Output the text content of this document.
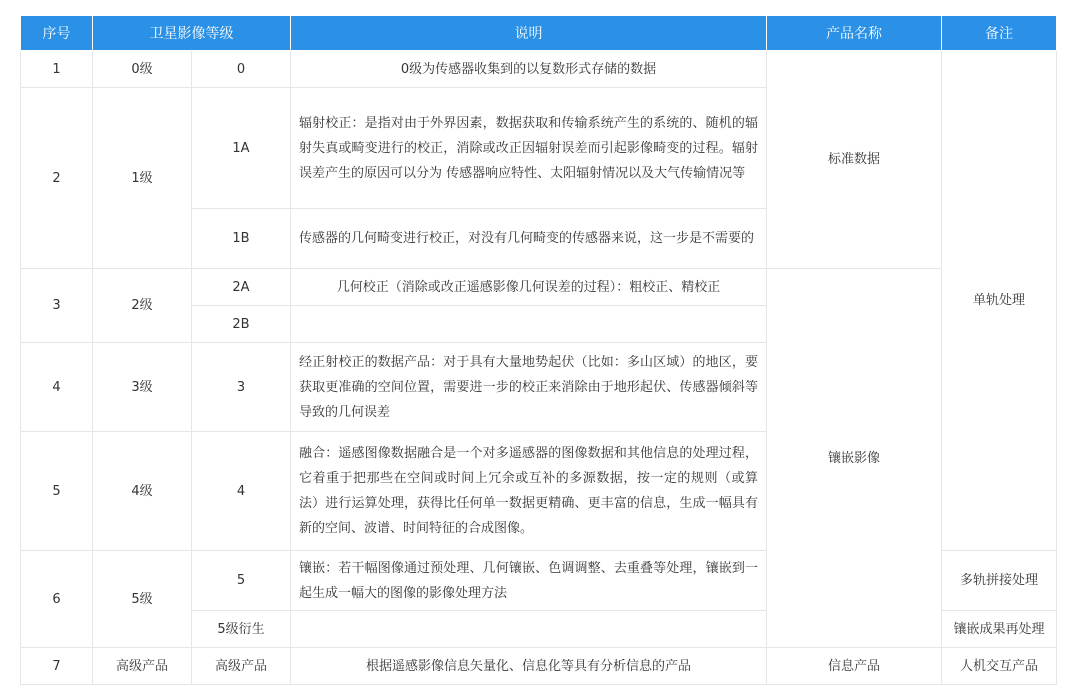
序号	卫星影像等级		说明	产品名称	备注
1	0级	0	0级为传感器收集到的以复数形式存储的数据	标准数据	单轨处理
2	1级	1A	辐射校正：是指对由于外界因素，数据获取和传输系统产生的系统的、随机的辐射失真或畸变进行的校正，消除或改正因辐射误差而引起影像畸变的过程。辐射误差产生的原因可以分为 传感器响应特性、太阳辐射情况以及大气传输情况等		
		1B	传感器的几何畸变进行校正，对没有几何畸变的传感器来说，这一步是不需要的		
3	2级	2A	几何校正（消除或改正遥感影像几何误差的过程）：粗校正、精校正	镶嵌影像	
		2B			
4	3级	3	经正射校正的数据产品：对于具有大量地势起伏（比如：多山区域）的地区，要获取更准确的空间位置，需要进一步的校正来消除由于地形起伏、传感器倾斜等导致的几何误差		
5	4级	4	融合：遥感图像数据融合是一个对多遥感器的图像数据和其他信息的处理过程，它着重于把那些在空间或时间上冗余或互补的多源数据，按一定的规则（或算法）进行运算处理，获得比任何单一数据更精确、更丰富的信息，生成一幅具有新的空间、波谱、时间特征的合成图像。		
6	5级	5	镶嵌：若干幅图像通过预处理、几何镶嵌、色调调整、去重叠等处理，镶嵌到一起生成一幅大的图像的影像处理方法		多轨拼接处理
		5级衍生			镶嵌成果再处理
7	高级产品	高级产品	根据遥感影像信息矢量化、信息化等具有分析信息的产品	信息产品	人机交互产品
